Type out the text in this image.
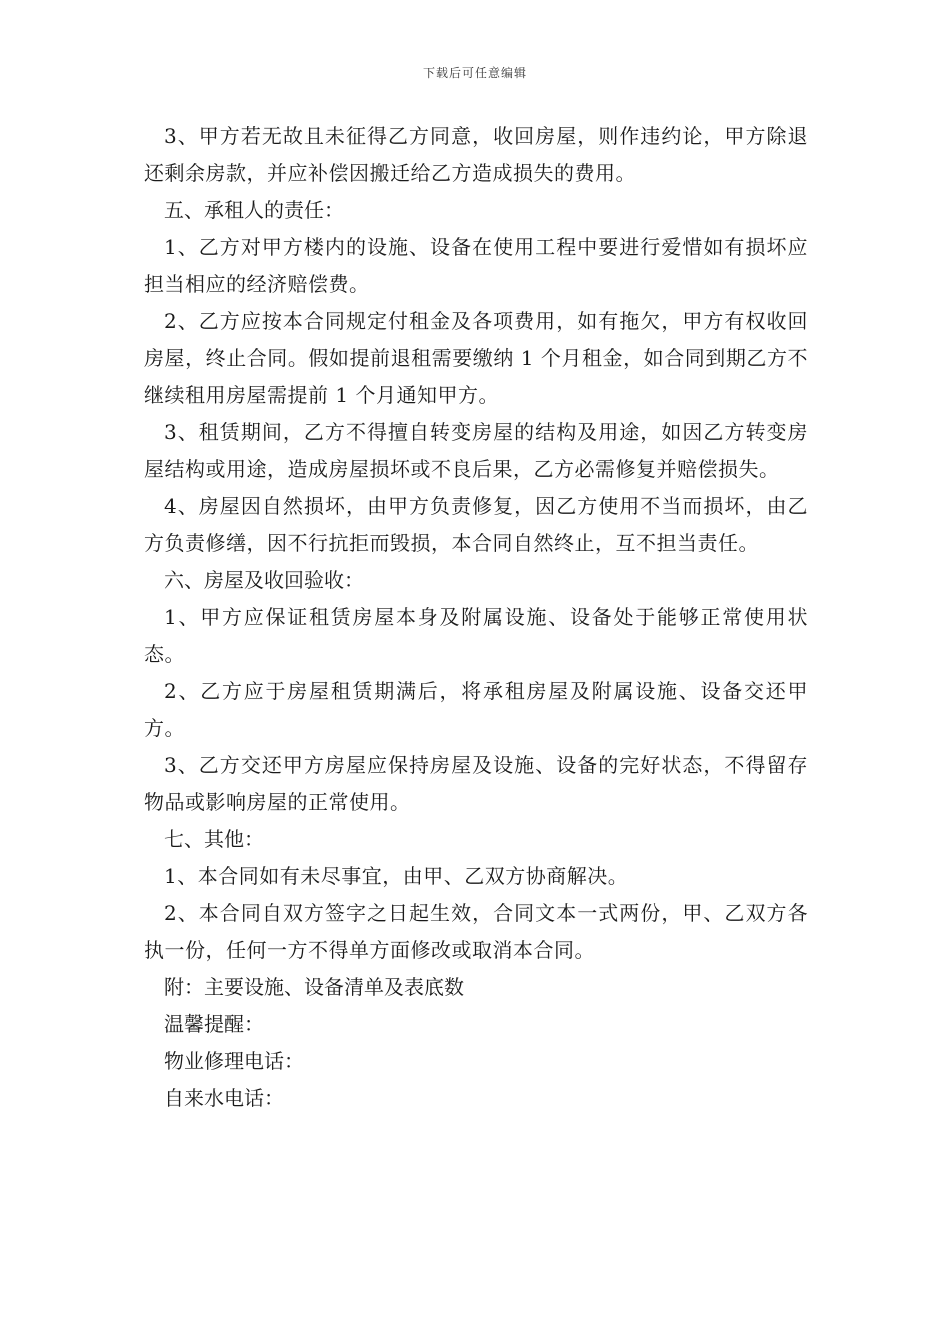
下载后可任意编辑

3、甲方若无故且未征得乙方同意，收回房屋，则作违约论，甲方除退还剩余房款，并应补偿因搬迁给乙方造成损失的费用。

五、承租人的责任：

1、乙方对甲方楼内的设施、设备在使用工程中要进行爱惜如有损坏应担当相应的经济赔偿费。

2、乙方应按本合同规定付租金及各项费用，如有拖欠，甲方有权收回房屋，终止合同。假如提前退租需要缴纳 1 个月租金，如合同到期乙方不继续租用房屋需提前 1 个月通知甲方。

3、租赁期间，乙方不得擅自转变房屋的结构及用途，如因乙方转变房屋结构或用途，造成房屋损坏或不良后果，乙方必需修复并赔偿损失。

4、房屋因自然损坏，由甲方负责修复，因乙方使用不当而损坏，由乙方负责修缮，因不行抗拒而毁损，本合同自然终止，互不担当责任。

六、房屋及收回验收：

1、甲方应保证租赁房屋本身及附属设施、设备处于能够正常使用状态。

2、乙方应于房屋租赁期满后，将承租房屋及附属设施、设备交还甲方。

3、乙方交还甲方房屋应保持房屋及设施、设备的完好状态，不得留存物品或影响房屋的正常使用。

七、其他：

1、本合同如有未尽事宜，由甲、乙双方协商解决。

2、本合同自双方签字之日起生效，合同文本一式两份，甲、乙双方各执一份，任何一方不得单方面修改或取消本合同。

附：主要设施、设备清单及表底数

温馨提醒：

物业修理电话：

自来水电话：
